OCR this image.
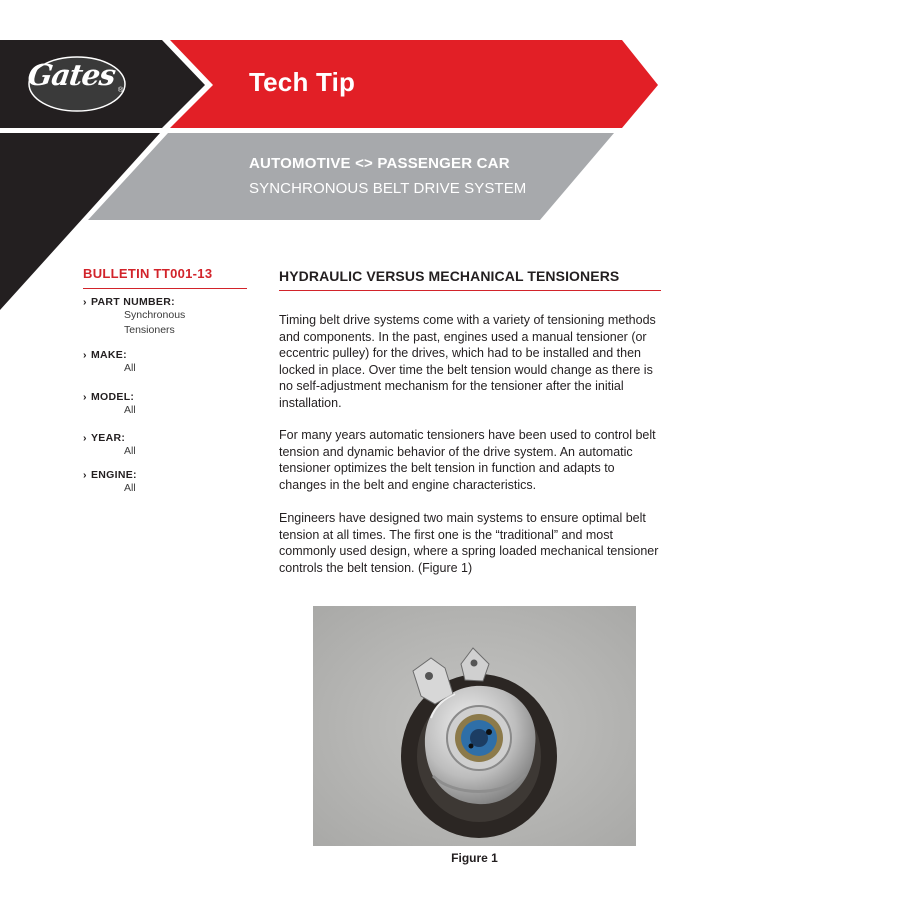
Gates ®	Tech Tip
AUTOMOTIVE <> PASSENGER CAR
SYNCHRONOUS BELT DRIVE SYSTEM
BULLETIN TT001-13
› PART NUMBER:
Synchronous
Tensioners
› MAKE:
All
› MODEL:
All
› YEAR:
All
› ENGINE:
All
HYDRAULIC VERSUS MECHANICAL TENSIONERS

Timing belt drive systems come with a variety of tensioning methods and components. In the past, engines used a manual tensioner (or eccentric pulley) for the drives, which had to be installed and then locked in place. Over time the belt tension would change as there is no self-adjustment mechanism for the tensioner after the initial installation.

For many years automatic tensioners have been used to control belt tension and dynamic behavior of the drive system. An automatic tensioner optimizes the belt tension in function and adapts to changes in the belt and engine characteristics.

Engineers have designed two main systems to ensure optimal belt tension at all times. The first one is the “traditional” and most commonly used design, where a spring loaded mechanical tensioner controls the belt tension. (Figure 1)

Figure 1
